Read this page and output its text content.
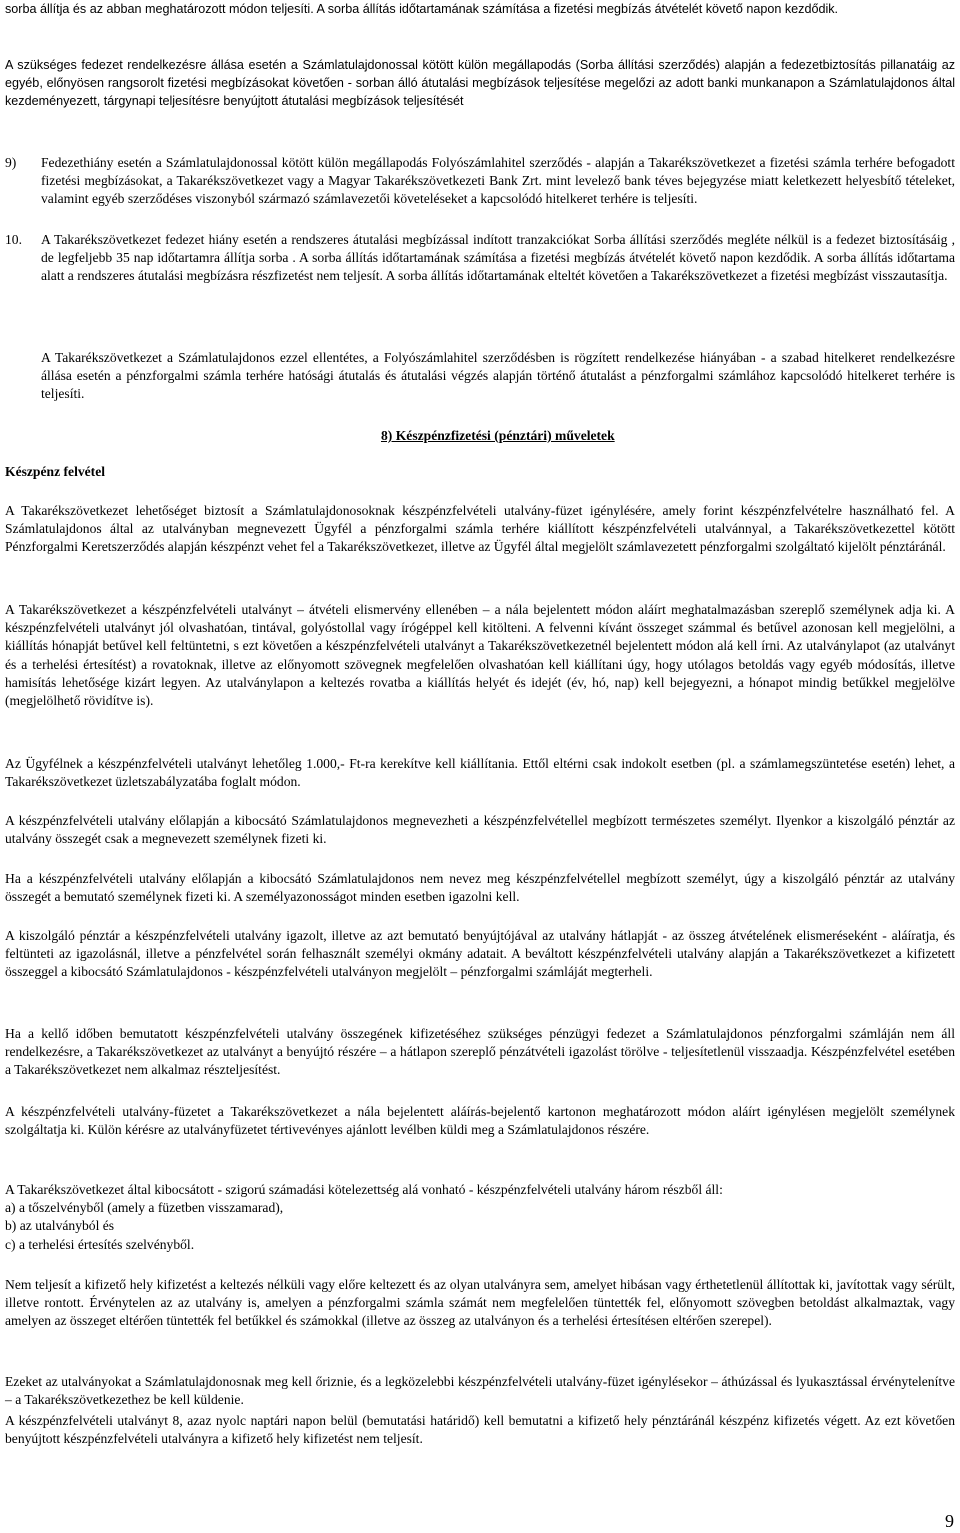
sorba állítja és az abban meghatározott módon teljesíti. A sorba állítás időtartamának számítása a fizetési megbízás átvételét követő napon kezdődik.

A szükséges fedezet rendelkezésre állása esetén a Számlatulajdonossal kötött külön megállapodás (Sorba állítási szerződés) alapján a fedezetbiztosítás pillanatáig az egyéb, előnyösen rangsorolt fizetési megbízásokat követően - sorban álló átutalási megbízások teljesítése megelőzi az adott banki munkanapon a Számlatulajdonos által kezdeményezett, tárgynapi teljesítésre benyújtott átutalási megbízások teljesítését

9)	Fedezethiány esetén a Számlatulajdonossal kötött külön megállapodás Folyószámlahitel szerződés - alapján a Takarékszövetkezet a fizetési számla terhére befogadott fizetési megbízásokat, a Takarékszövetkezet vagy a Magyar Takarékszövetkezeti Bank Zrt. mint levelező bank téves bejegyzése miatt keletkezett helyesbítő tételeket, valamint egyéb szerződéses viszonyból származó számlavezetői követeléseket a kapcsolódó hitelkeret terhére is teljesíti.
10.	A Takarékszövetkezet fedezet hiány esetén a rendszeres átutalási megbízással indított tranzakciókat Sorba állítási szerződés megléte nélkül is a fedezet biztosításáig , de legfeljebb 35 nap időtartamra állítja sorba . A sorba állítás időtartamának számítása a fizetési megbízás átvételét követő napon kezdődik. A sorba állítás időtartama alatt a rendszeres átutalási megbízásra részfizetést nem teljesít. A sorba állítás időtartamának elteltét követően a Takarékszövetkezet a fizetési megbízást visszautasítja.

A Takarékszövetkezet a Számlatulajdonos ezzel ellentétes, a Folyószámlahitel szerződésben is rögzített rendelkezése hiányában - a szabad hitelkeret rendelkezésre állása esetén a pénzforgalmi számla terhére hatósági átutalás és átutalási végzés alapján történő átutalást a pénzforgalmi számlához kapcsolódó hitelkeret terhére is teljesíti.

8) Készpénzfizetési (pénztári) műveletek

Készpénz felvétel

A Takarékszövetkezet lehetőséget biztosít a Számlatulajdonosoknak készpénzfelvételi utalvány-füzet igénylésére, amely forint készpénzfelvételre használható fel. A Számlatulajdonos által az utalványban megnevezett Ügyfél a pénzforgalmi számla terhére kiállított készpénzfelvételi utalvánnyal, a Takarékszövetkezettel kötött Pénzforgalmi Keretszerződés alapján készpénzt vehet fel a Takarékszövetkezet, illetve az Ügyfél által megjelölt számlavezetett pénzforgalmi szolgáltató kijelölt pénztáránál.

A Takarékszövetkezet a készpénzfelvételi utalványt – átvételi elismervény ellenében – a nála bejelentett módon aláírt meghatalmazásban szereplő személynek adja ki. A készpénzfelvételi utalványt jól olvashatóan, tintával, golyóstollal vagy írógéppel kell kitölteni. A felvenni kívánt összeget számmal és betűvel azonosan kell megjelölni, a kiállítás hónapját betűvel kell feltüntetni, s ezt követően a készpénzfelvételi utalványt a Takarékszövetkezetnél bejelentett módon alá kell írni. Az utalványlapot (az utalványt és a terhelési értesítést) a rovatoknak, illetve az előnyomott szövegnek megfelelően olvashatóan kell kiállítani úgy, hogy utólagos betoldás vagy egyéb módosítás, illetve hamisítás lehetősége kizárt legyen. Az utalványlapon a keltezés rovatba a kiállítás helyét és idejét (év, hó, nap) kell bejegyezni, a hónapot mindig betűkkel megjelölve (megjelölhető rövidítve is).

Az Ügyfélnek a készpénzfelvételi utalványt lehetőleg 1.000,- Ft-ra kerekítve kell kiállítania. Ettől eltérni csak indokolt esetben (pl. a számlamegszüntetése esetén) lehet, a Takarékszövetkezet üzletszabályzatába foglalt módon.

A készpénzfelvételi utalvány előlapján a kibocsátó Számlatulajdonos megnevezheti a készpénzfelvétellel megbízott természetes személyt. Ilyenkor a kiszolgáló pénztár az utalvány összegét csak a megnevezett személynek fizeti ki.

Ha a készpénzfelvételi utalvány előlapján a kibocsátó Számlatulajdonos nem nevez meg készpénzfelvétellel megbízott személyt, úgy a kiszolgáló pénztár az utalvány összegét a bemutató személynek fizeti ki. A személyazonosságot minden esetben igazolni kell.

A kiszolgáló pénztár a készpénzfelvételi utalvány igazolt, illetve az azt bemutató benyújtójával az utalvány hátlapját - az összeg átvételének elismeréseként - aláíratja, és feltünteti az igazolásnál, illetve a pénzfelvétel során felhasznált személyi okmány adatait. A beváltott készpénzfelvételi utalvány alapján a Takarékszövetkezet a kifizetett összeggel a kibocsátó Számlatulajdonos - készpénzfelvételi utalványon megjelölt – pénzforgalmi számláját megterheli.

Ha a kellő időben bemutatott készpénzfelvételi utalvány összegének kifizetéséhez szükséges pénzügyi fedezet a Számlatulajdonos pénzforgalmi számláján nem áll rendelkezésre, a Takarékszövetkezet az utalványt a benyújtó részére – a hátlapon szereplő pénzátvételi igazolást törölve - teljesítetlenül visszaadja. Készpénzfelvétel esetében a Takarékszövetkezet nem alkalmaz részteljesítést.

A készpénzfelvételi utalvány-füzetet a Takarékszövetkezet a nála bejelentett aláírás-bejelentő kartonon meghatározott módon aláírt igénylésen megjelölt személynek szolgáltatja ki. Külön kérésre az utalványfüzetet tértivevényes ajánlott levélben küldi meg a Számlatulajdonos részére.

A Takarékszövetkezet által kibocsátott - szigorú számadási kötelezettség alá vonható - készpénzfelvételi utalvány három részből áll:

a) a tőszelvényből (amely a füzetben visszamarad),

b) az utalványból és

c) a terhelési értesítés szelvényből.

Nem teljesít a kifizető hely kifizetést a keltezés nélküli vagy előre keltezett és az olyan utalványra sem, amelyet hibásan vagy érthetetlenül állítottak ki, javítottak vagy sérült, illetve rontott. Érvénytelen az az utalvány is, amelyen a pénzforgalmi számla számát nem megfelelően tüntették fel, előnyomott szövegben betoldást alkalmaztak, vagy amelyen az összeget eltérően tüntették fel betűkkel és számokkal (illetve az összeg az utalványon és a terhelési értesítésen eltérően szerepel).

Ezeket az utalványokat a Számlatulajdonosnak meg kell őriznie, és a legközelebbi készpénzfelvételi utalvány-füzet igénylésekor – áthúzással és lyukasztással érvénytelenítve – a Takarékszövetkezethez be kell küldenie.

A készpénzfelvételi utalványt 8, azaz nyolc naptári napon belül (bemutatási határidő) kell bemutatni a kifizető hely pénztáránál készpénz kifizetés végett. Az ezt követően benyújtott készpénzfelvételi utalványra a kifizető hely kifizetést nem teljesít.

9
